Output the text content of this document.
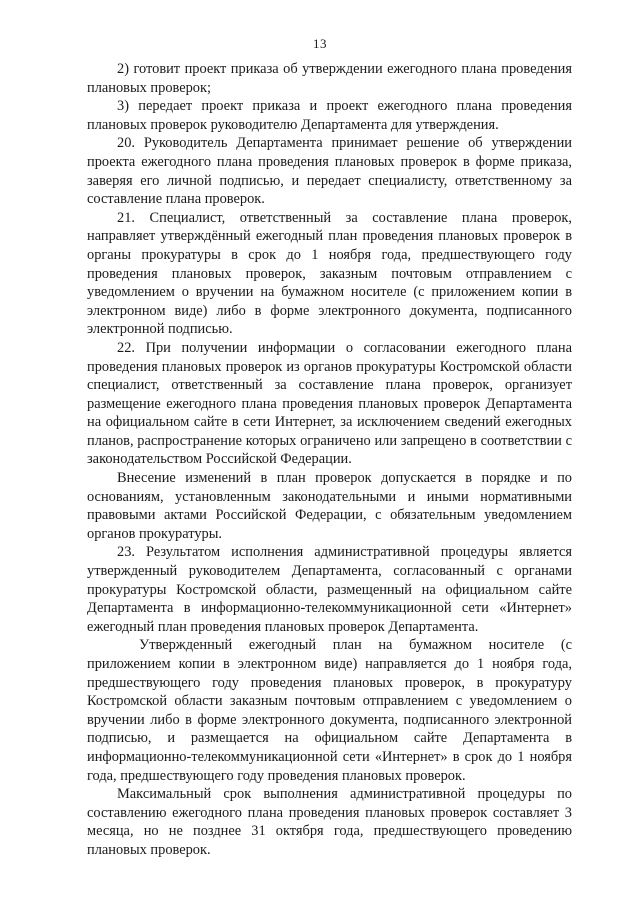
13

2) готовит проект приказа об утверждении ежегодного плана проведения плановых проверок;

3) передает проект приказа и проект ежегодного плана проведения плановых проверок руководителю Департамента для утверждения.

20. Руководитель Департамента принимает решение об утверждении проекта ежегодного плана проведения плановых проверок в форме приказа, заверяя его личной подписью, и передает специалисту, ответственному за составление плана проверок.

21. Специалист, ответственный за составление плана проверок, направляет утверждённый ежегодный план проведения плановых проверок в органы прокуратуры в срок до 1 ноября года, предшествующего году проведения плановых проверок, заказным почтовым отправлением с уведомлением о вручении на бумажном носителе (с приложением копии в электронном виде) либо в форме электронного документа, подписанного электронной подписью.

22. При получении информации о согласовании ежегодного плана проведения плановых проверок из органов прокуратуры Костромской области специалист, ответственный за составление плана проверок, организует размещение ежегодного плана проведения плановых проверок Департамента на официальном сайте в сети Интернет, за исключением сведений ежегодных планов, распространение которых ограничено или запрещено в соответствии с законодательством Российской Федерации.

Внесение изменений в план проверок допускается в порядке и по основаниям, установленным законодательными и иными нормативными правовыми актами Российской Федерации, с обязательным уведомлением органов прокуратуры.

23. Результатом исполнения административной процедуры является утвержденный руководителем Департамента, согласованный с органами прокуратуры Костромской области, размещенный на официальном сайте Департамента в информационно-телекоммуникационной сети «Интернет» ежегодный план проведения плановых проверок Департамента.

Утвержденный ежегодный план на бумажном носителе (с приложением копии в электронном виде) направляется до 1 ноября года, предшествующего году проведения плановых проверок, в прокуратуру Костромской области заказным почтовым отправлением с уведомлением о вручении либо в форме электронного документа, подписанного электронной подписью, и размещается на официальном сайте Департамента в информационно-телекоммуникационной сети «Интернет» в срок до 1 ноября года, предшествующего году проведения плановых проверок.

Максимальный срок выполнения административной процедуры по составлению ежегодного плана проведения плановых проверок составляет 3 месяца, но не позднее 31 октября года, предшествующего проведению плановых проверок.
